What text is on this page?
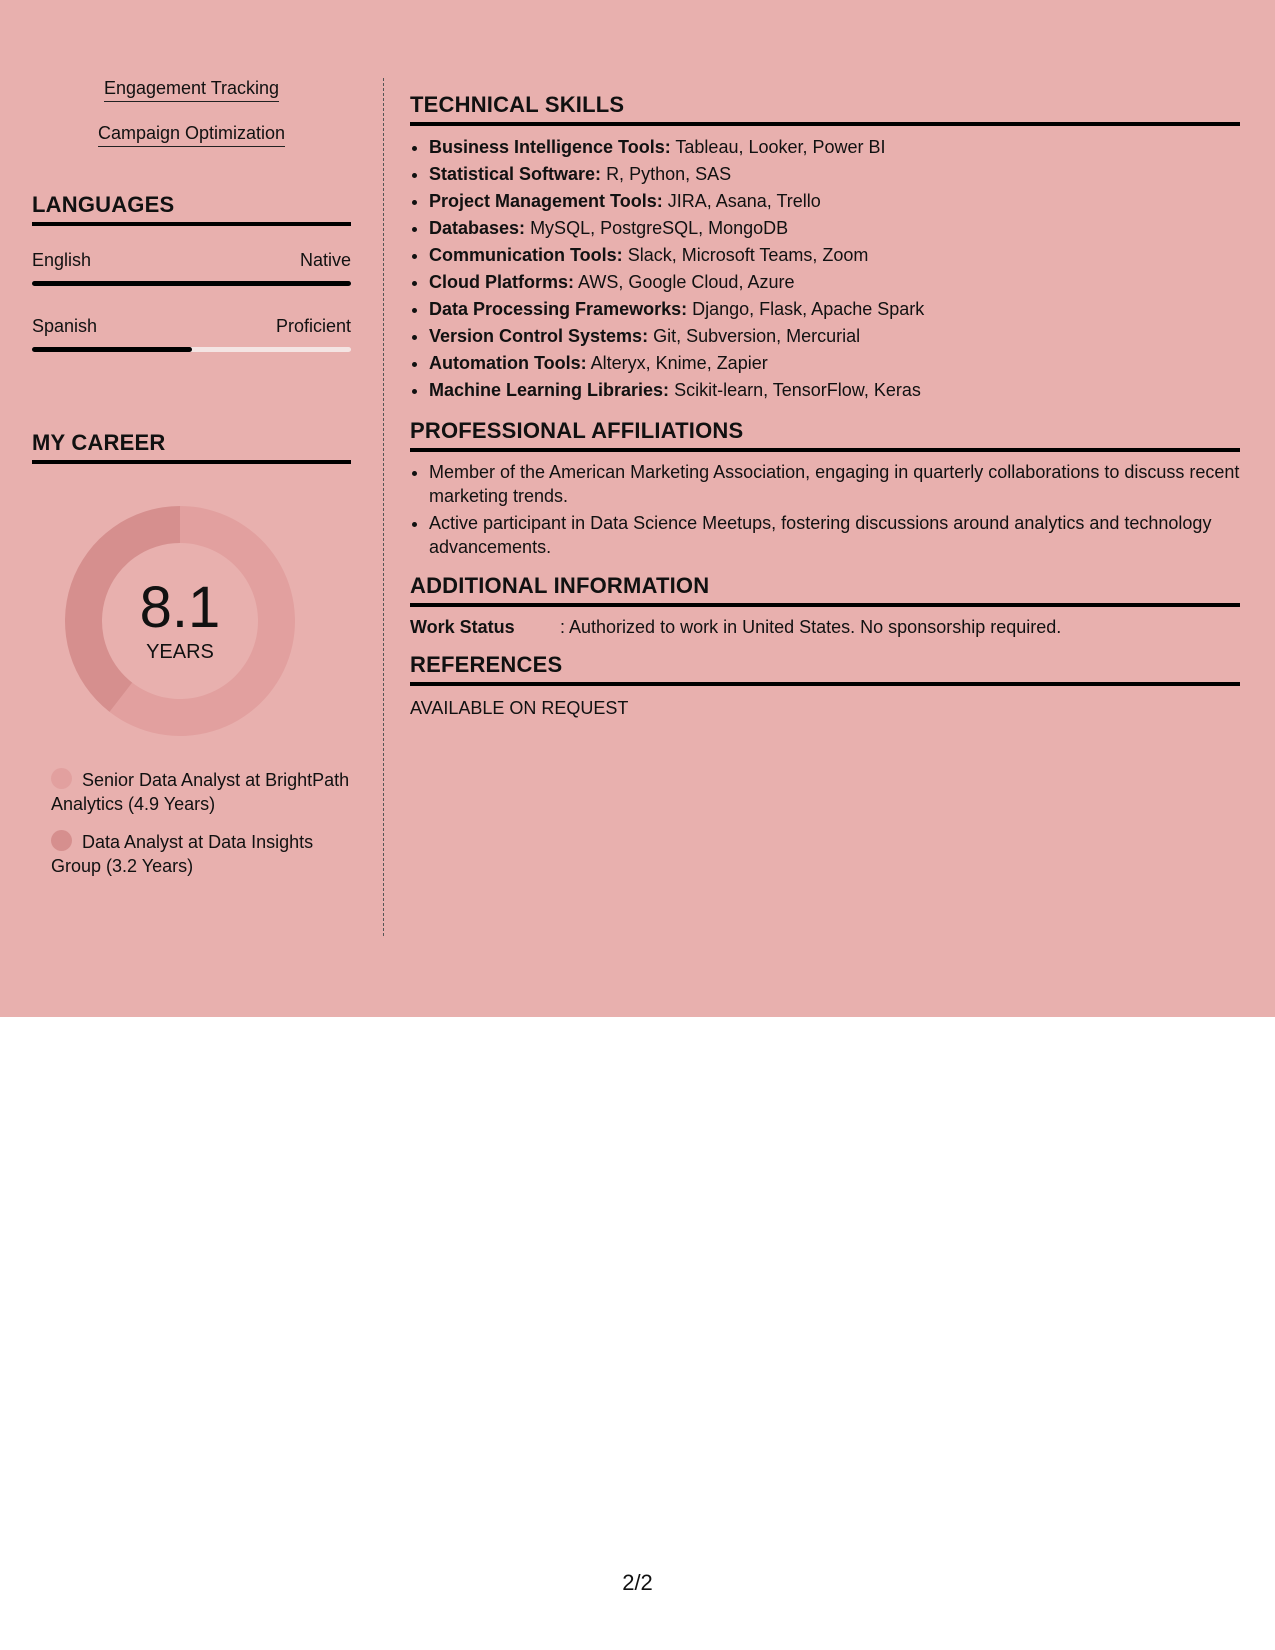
Engagement Tracking

Campaign Optimization

LANGUAGES
English	Native
Spanish	Proficient
MY CAREER
8.1
YEARS
Senior Data Analyst at BrightPath Analytics (4.9 Years)
Data Analyst at Data Insights Group (3.2 Years)
TECHNICAL SKILLS
• Business Intelligence Tools: Tableau, Looker, Power BI
• Statistical Software: R, Python, SAS
• Project Management Tools: JIRA, Asana, Trello
• Databases: MySQL, PostgreSQL, MongoDB
• Communication Tools: Slack, Microsoft Teams, Zoom
• Cloud Platforms: AWS, Google Cloud, Azure
• Data Processing Frameworks: Django, Flask, Apache Spark
• Version Control Systems: Git, Subversion, Mercurial
• Automation Tools: Alteryx, Knime, Zapier
• Machine Learning Libraries: Scikit-learn, TensorFlow, Keras
PROFESSIONAL AFFILIATIONS
• Member of the American Marketing Association, engaging in quarterly collaborations to discuss recent marketing trends.
• Active participant in Data Science Meetups, fostering discussions around analytics and technology advancements.
ADDITIONAL INFORMATION
Work Status	: Authorized to work in United States. No sponsorship required.
REFERENCES
AVAILABLE ON REQUEST
2/2
